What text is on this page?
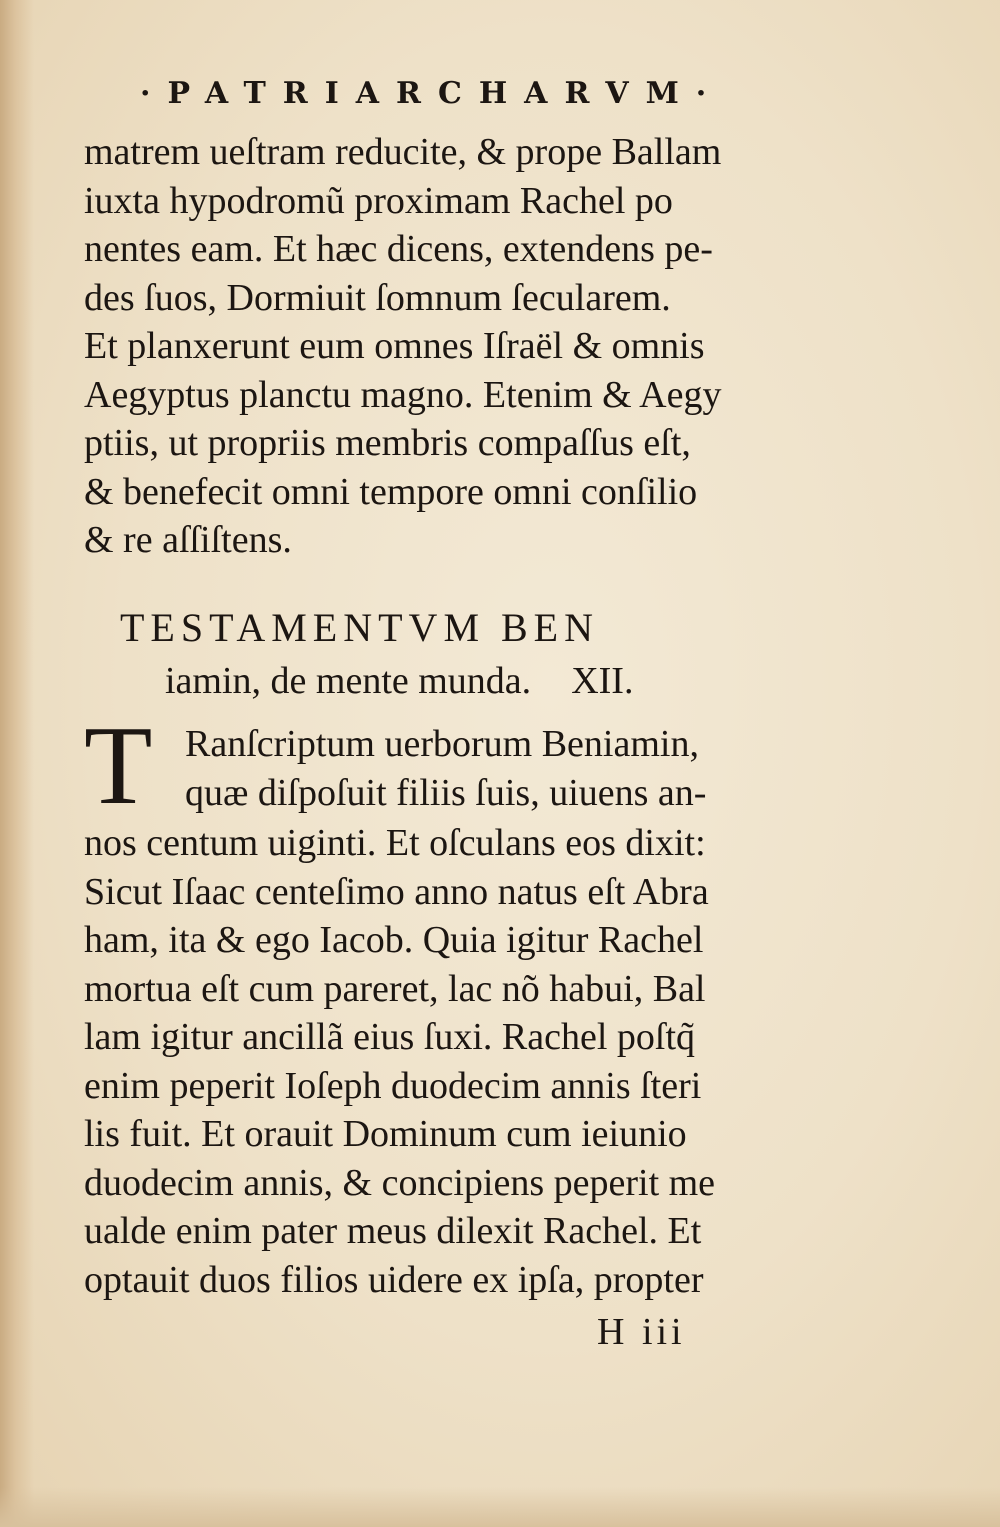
·PATRIARCHARVM·
matrem ueſtram reducite, & prope Ballam
iuxta hypodromũ proximam Rachel po
nentes eam. Et hæc dicens, extendens pe-
des ſuos, Dormiuit ſomnum ſecularem.
Et planxerunt eum omnes Iſraël & omnis
Aegyptus planctu magno. Etenim & Aegy
ptiis, ut propriis membris compaſſus eſt,
& benefecit omni tempore omni conſilio
& re aſſiſtens.
TESTAMENTVM BEN
iamin, de mente munda. XII.
T Ranſcriptum uerborum Beniamin,
quæ diſpoſuit filiis ſuis, uiuens an-
nos centum uiginti. Et oſculans eos dixit:
Sicut Iſaac centeſimo anno natus eſt Abra
ham, ita & ego Iacob. Quia igitur Rachel
mortua eſt cum pareret, lac nõ habui, Bal
lam igitur ancillã eius ſuxi. Rachel poſtq̃
enim peperit Ioſeph duodecim annis ſteri
lis fuit. Et orauit Dominum cum ieiunio
duodecim annis, & concipiens peperit me
ualde enim pater meus dilexit Rachel. Et
optauit duos filios uidere ex ipſa, propter
H iii
